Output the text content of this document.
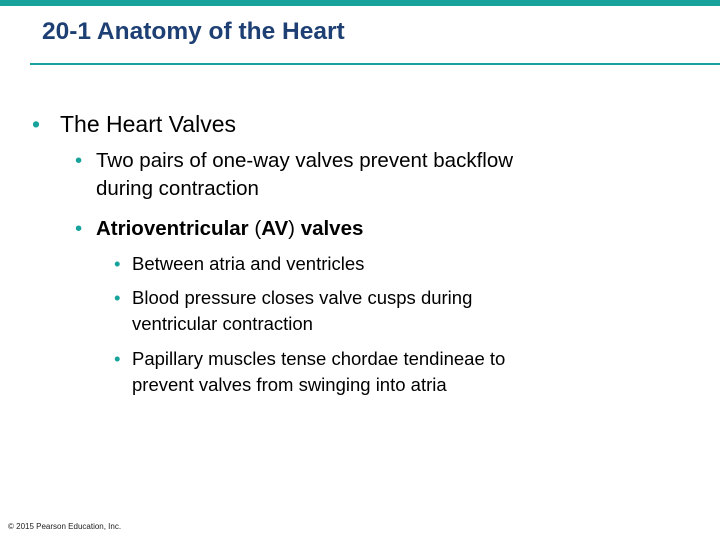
20-1 Anatomy of the Heart
• The Heart Valves
• Two pairs of one-way valves prevent backflow
during contraction
• Atrioventricular (AV) valves
• Between atria and ventricles
• Blood pressure closes valve cusps during
ventricular contraction
• Papillary muscles tense chordae tendineae to
prevent valves from swinging into atria
© 2015 Pearson Education, Inc.
